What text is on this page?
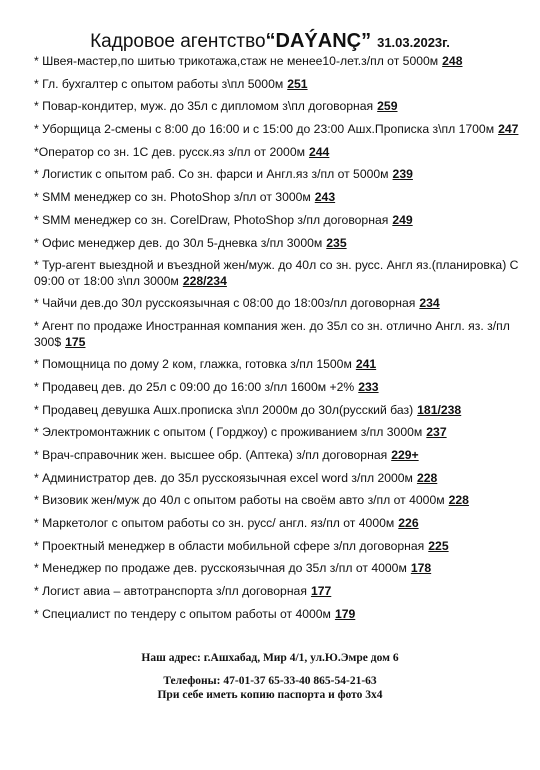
Кадровое агентство“DAÝANÇ” 31.03.2023г.
* Швея-мастер,по шитью трикотажа,стаж не менее10-лет.з/пл от 5000м 248
* Гл. бухгалтер с опытом работы з\пл 5000м 251
* Повар-кондитер, муж. до 35л с дипломом з\пл договорная 259
* Уборщица 2-смены с 8:00 до 16:00 и с 15:00 до 23:00 Ашх.Прописка з\пл 1700м 247
*Оператор со зн. 1С дев. русск.яз з/пл от 2000м 244
* Логистик с опытом раб. Со зн. фарси и Англ.яз з/пл от 5000м 239
* SMM менеджер со зн. PhotoShop з/пл от 3000м 243
* SMM менеджер со зн. CorelDraw, PhotoShop з/пл договорная 249
* Офис менеджер дев. до 30л 5-дневка з/пл 3000м 235
* Тур-агент выездной и въездной жен/муж. до 40л со зн. русс. Англ яз.(планировка) С 09:00 от 18:00 з\пл 3000м 228/234
* Чайчи дев.до 30л русскоязычная с 08:00 до 18:00з/пл договорная 234
* Агент по продаже Иностранная компания жен. до 35л со зн. отлично Англ. яз. з/пл 300$ 175
* Помощница по дому 2 ком, глажка, готовка з/пл 1500м 241
* Продавец дев. до 25л с 09:00 до 16:00 з/пл 1600м +2% 233
* Продавец девушка Ашх.прописка з\пл 2000м до 30л(русский баз) 181/238
* Электромонтажник с опытом ( Горджоу) с проживанием з/пл 3000м 237
* Врач-справочник жен. высшее обр. (Аптека) з/пл договорная 229+
* Администратор дев. до 35л русскоязычная excel word з/пл 2000м 228
* Визовик жен/муж до 40л с опытом работы на своём авто з/пл от 4000м 228
* Маркетолог с опытом работы со зн. русс/ англ. яз/пл от 4000м 226
* Проектный менеджер в области мобильной сфере з/пл договорная 225
* Менеджер по продаже дев. русскоязычная до 35л з/пл от 4000м 178
* Логист авиа – автотранспорта з/пл договорная 177
* Специалист по тендеру с опытом работы от 4000м 179
Наш адрес: г.Ашхабад, Мир 4/1, ул.Ю.Эмре дом 6
Телефоны: 47-01-37 65-33-40 865-54-21-63
При себе иметь копию паспорта и фото 3х4
